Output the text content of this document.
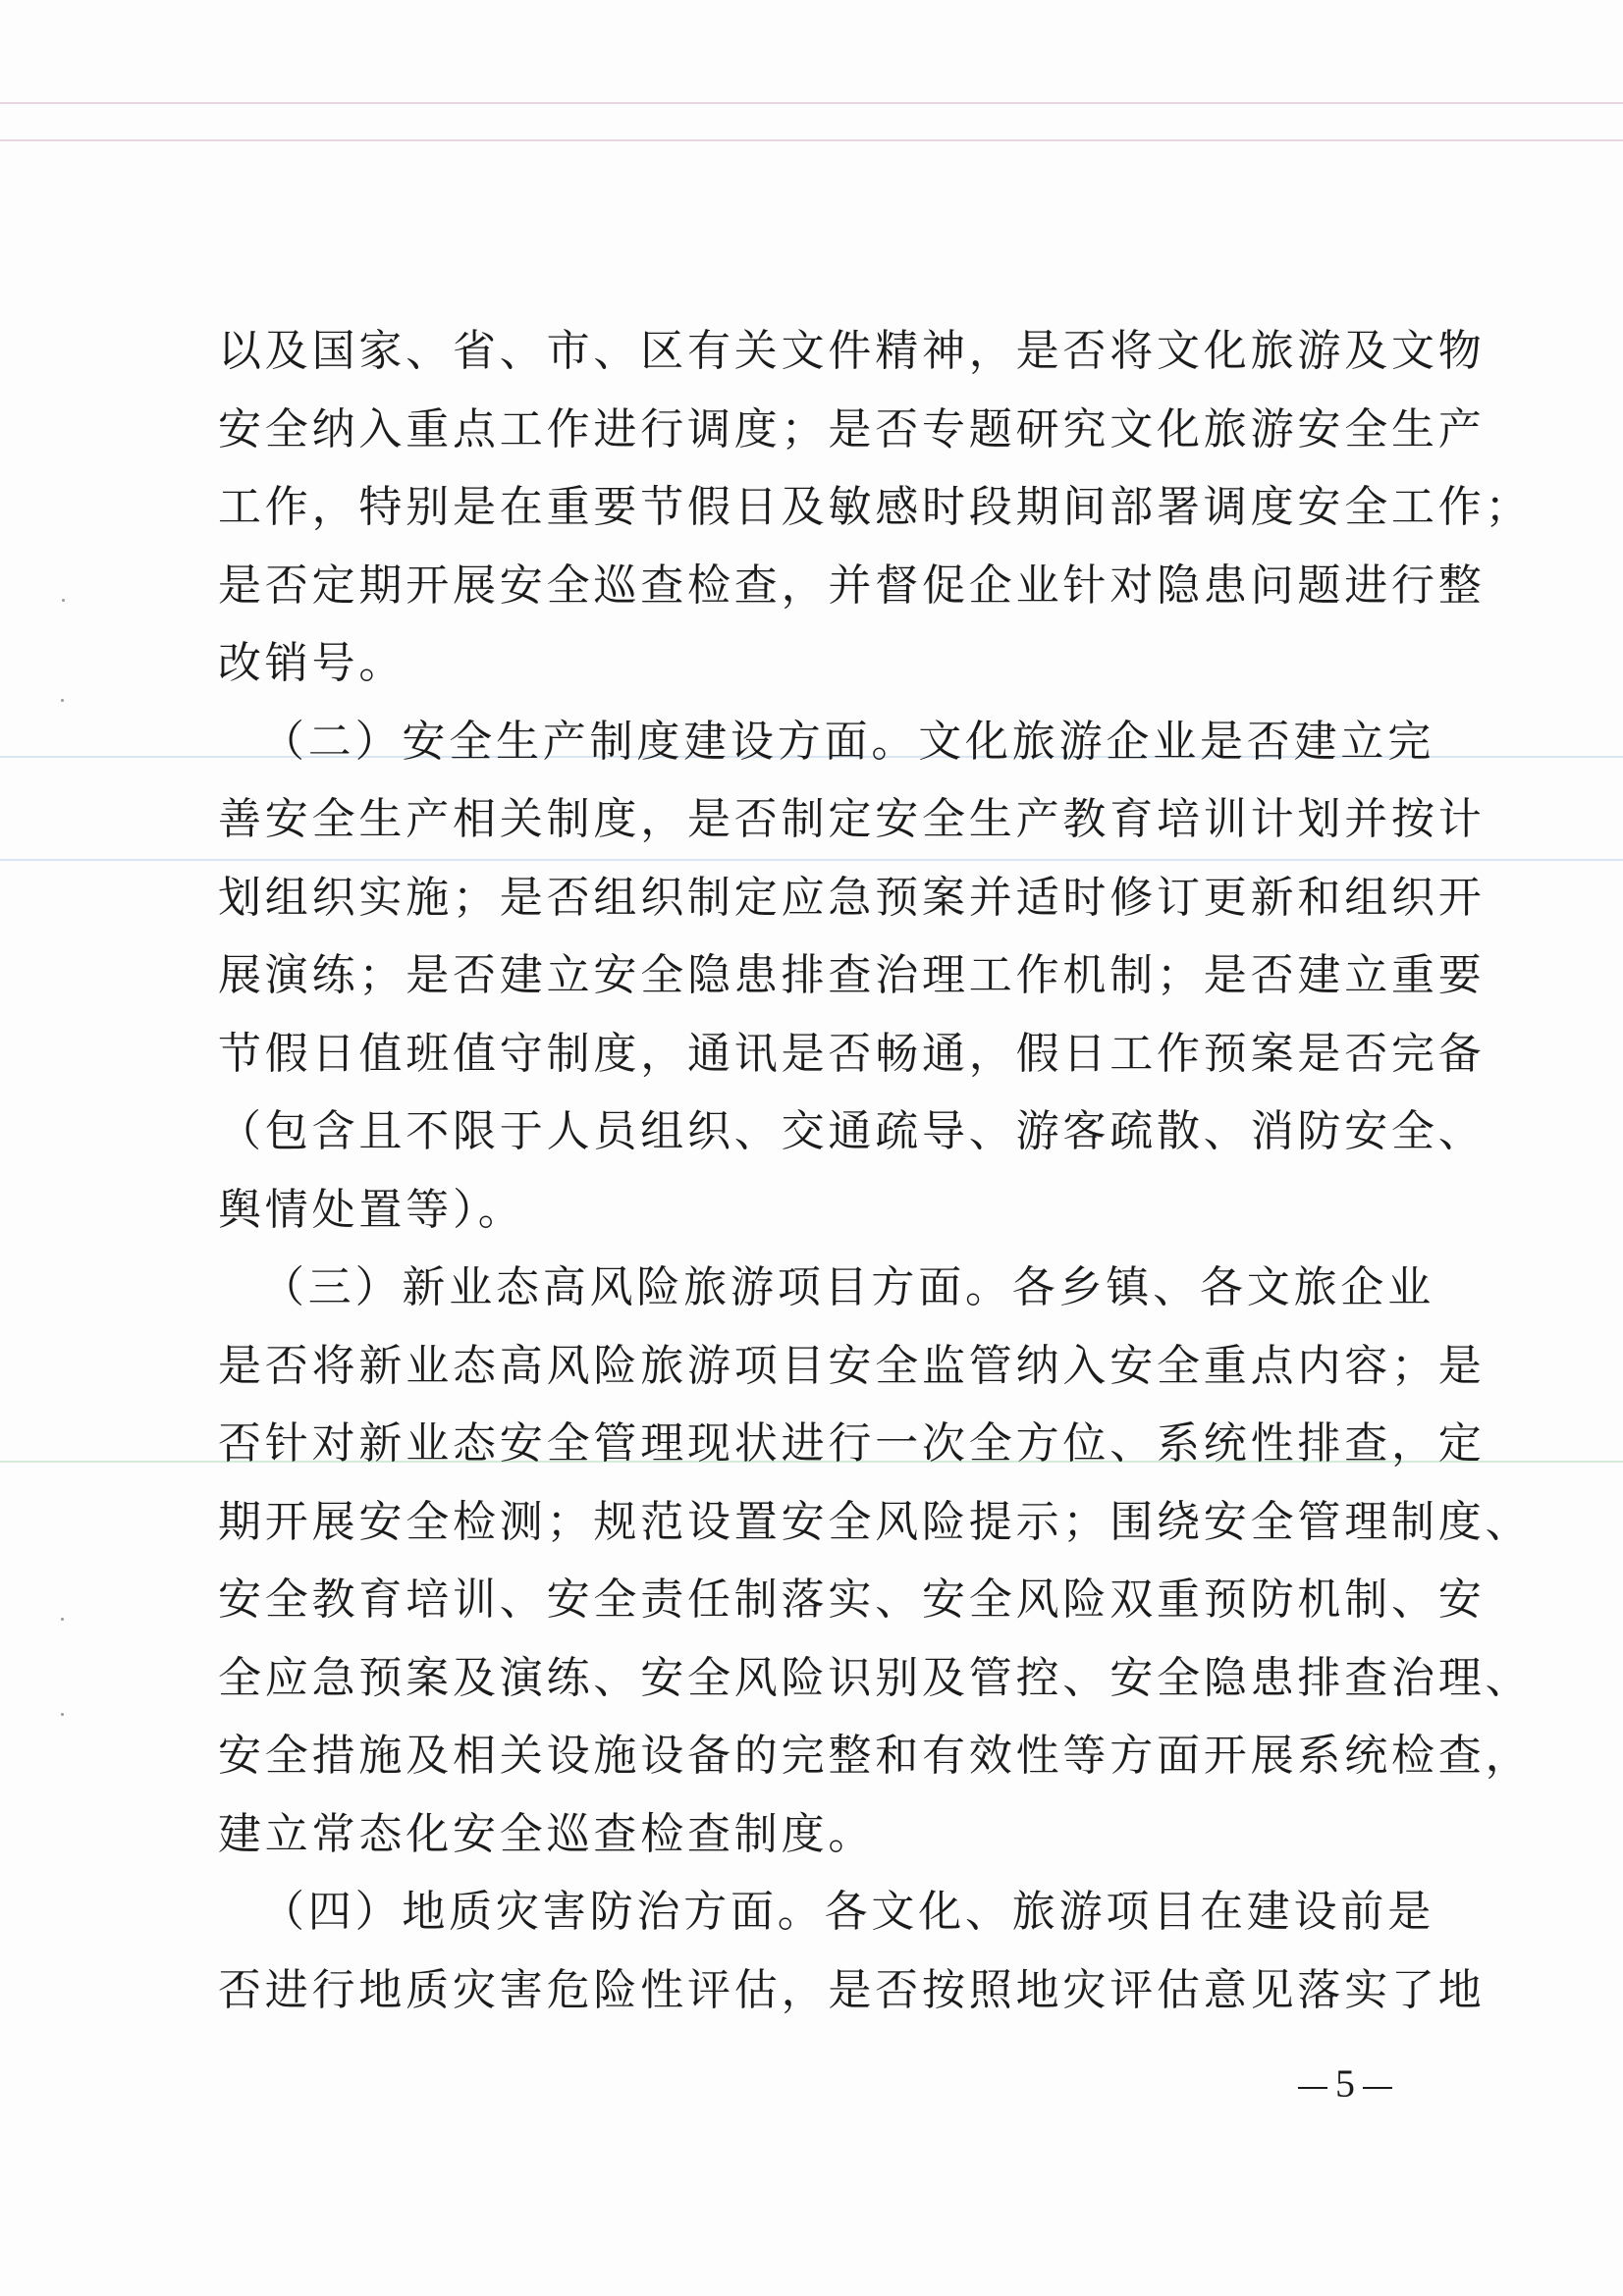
以及国家、省、市、区有关文件精神，是否将文化旅游及文物
安全纳入重点工作进行调度；是否专题研究文化旅游安全生产
工作，特别是在重要节假日及敏感时段期间部署调度安全工作；
是否定期开展安全巡查检查，并督促企业针对隐患问题进行整
改销号。
（二）安全生产制度建设方面。文化旅游企业是否建立完
善安全生产相关制度，是否制定安全生产教育培训计划并按计
划组织实施；是否组织制定应急预案并适时修订更新和组织开
展演练；是否建立安全隐患排查治理工作机制；是否建立重要
节假日值班值守制度，通讯是否畅通，假日工作预案是否完备
（包含且不限于人员组织、交通疏导、游客疏散、消防安全、
舆情处置等）。
（三）新业态高风险旅游项目方面。各乡镇、各文旅企业
是否将新业态高风险旅游项目安全监管纳入安全重点内容；是
否针对新业态安全管理现状进行一次全方位、系统性排查，定
期开展安全检测；规范设置安全风险提示；围绕安全管理制度、
安全教育培训、安全责任制落实、安全风险双重预防机制、安
全应急预案及演练、安全风险识别及管控、安全隐患排查治理、
安全措施及相关设施设备的完整和有效性等方面开展系统检查，
建立常态化安全巡查检查制度。
（四）地质灾害防治方面。各文化、旅游项目在建设前是
否进行地质灾害危险性评估，是否按照地灾评估意见落实了地
5
